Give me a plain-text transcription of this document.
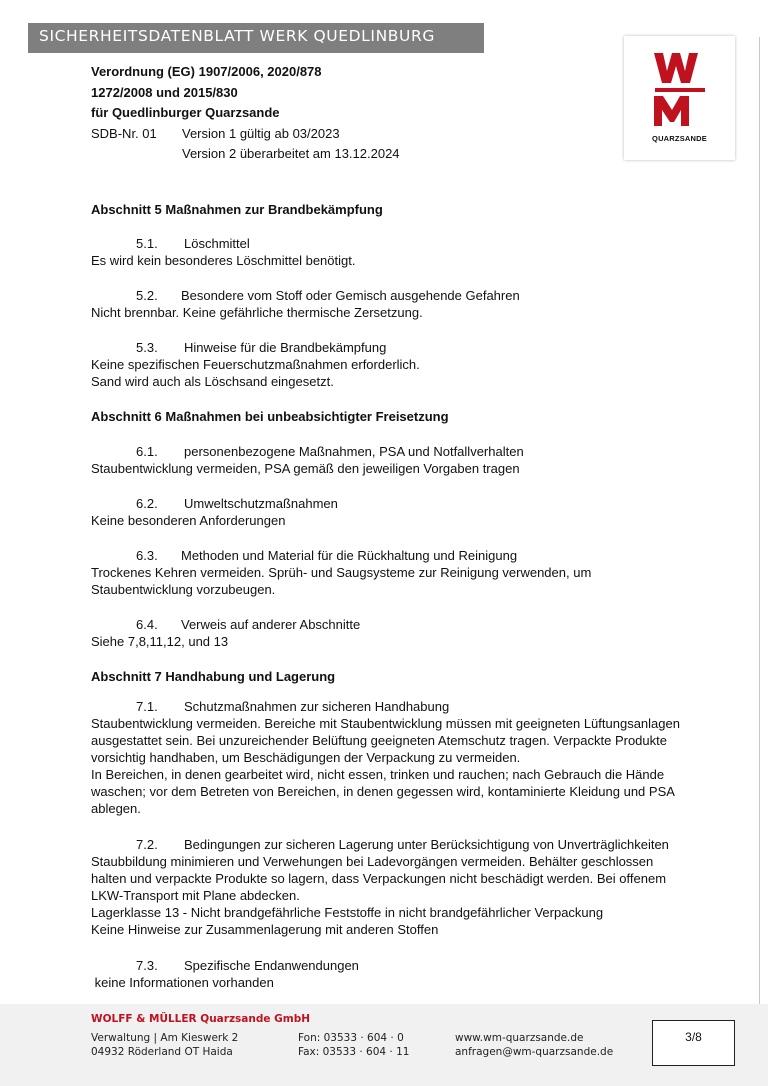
SICHERHEITSDATENBLATT WERK QUEDLINBURG
QUARZSANDE
Verordnung (EG) 1907/2006, 2020/878
1272/2008 und 2015/830
für Quedlinburger Quarzsande
SDB-Nr. 01	Version 1 gültig ab 03/2023
Version 2 überarbeitet am 13.12.2024
Abschnitt 5 Maßnahmen zur Brandbekämpfung
5.1. Löschmittel
Es wird kein besonderes Löschmittel benötigt.
5.2. Besondere vom Stoff oder Gemisch ausgehende Gefahren
Nicht brennbar. Keine gefährliche thermische Zersetzung.
5.3. Hinweise für die Brandbekämpfung
Keine spezifischen Feuerschutzmaßnahmen erforderlich.
Sand wird auch als Löschsand eingesetzt.
Abschnitt 6 Maßnahmen bei unbeabsichtigter Freisetzung
6.1. personenbezogene Maßnahmen, PSA und Notfallverhalten
Staubentwicklung vermeiden, PSA gemäß den jeweiligen Vorgaben tragen
6.2. Umweltschutzmaßnahmen
Keine besonderen Anforderungen
6.3. Methoden und Material für die Rückhaltung und Reinigung
Trockenes Kehren vermeiden. Sprüh- und Saugsysteme zur Reinigung verwenden, um
Staubentwicklung vorzubeugen.
6.4. Verweis auf anderer Abschnitte
Siehe 7,8,11,12, und 13
Abschnitt 7 Handhabung und Lagerung
7.1. Schutzmaßnahmen zur sicheren Handhabung
Staubentwicklung vermeiden. Bereiche mit Staubentwicklung müssen mit geeigneten Lüftungsanlagen
ausgestattet sein. Bei unzureichender Belüftung geeigneten Atemschutz tragen. Verpackte Produkte
vorsichtig handhaben, um Beschädigungen der Verpackung zu vermeiden.
In Bereichen, in denen gearbeitet wird, nicht essen, trinken und rauchen; nach Gebrauch die Hände
waschen; vor dem Betreten von Bereichen, in denen gegessen wird, kontaminierte Kleidung und PSA
ablegen.
7.2. Bedingungen zur sicheren Lagerung unter Berücksichtigung von Unverträglichkeiten
Staubbildung minimieren und Verwehungen bei Ladevorgängen vermeiden. Behälter geschlossen
halten und verpackte Produkte so lagern, dass Verpackungen nicht beschädigt werden. Bei offenem
LKW-Transport mit Plane abdecken.
Lagerklasse 13 - Nicht brandgefährliche Feststoffe in nicht brandgefährlicher Verpackung
Keine Hinweise zur Zusammenlagerung mit anderen Stoffen
7.3. Spezifische Endanwendungen
keine Informationen vorhanden
WOLFF & MÜLLER Quarzsande GmbH
Verwaltung | Am Kieswerk 2
04932 Röderland OT Haida
Fon: 03533 · 604 · 0
Fax: 03533 · 604 · 11
www.wm-quarzsande.de
anfragen@wm-quarzsande.de
3/8
